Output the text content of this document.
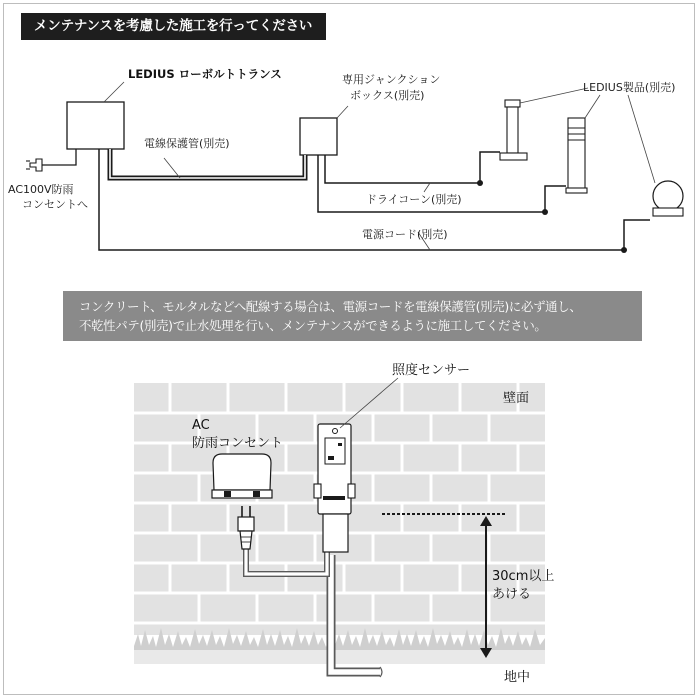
メンテナンスを考慮した施工を行ってください
LEDIUS ローボルトトランス	専用ジャンクション
ボックス(別売)
電線保護管(別売)
AC100V防雨
コンセントへ
電源コード(別売)
ドライコーン(別売)
LEDIUS製品(別売)
AC
防雨コンセント
照度センサー
壁面
30cm以上
あける
地中
コンクリート、モルタルなどへ配線する場合は、電源コードを電線保護管(別売)に必ず通し、
不乾性パテ(別売)で止水処理を行い、メンテナンスができるように施工してください。
